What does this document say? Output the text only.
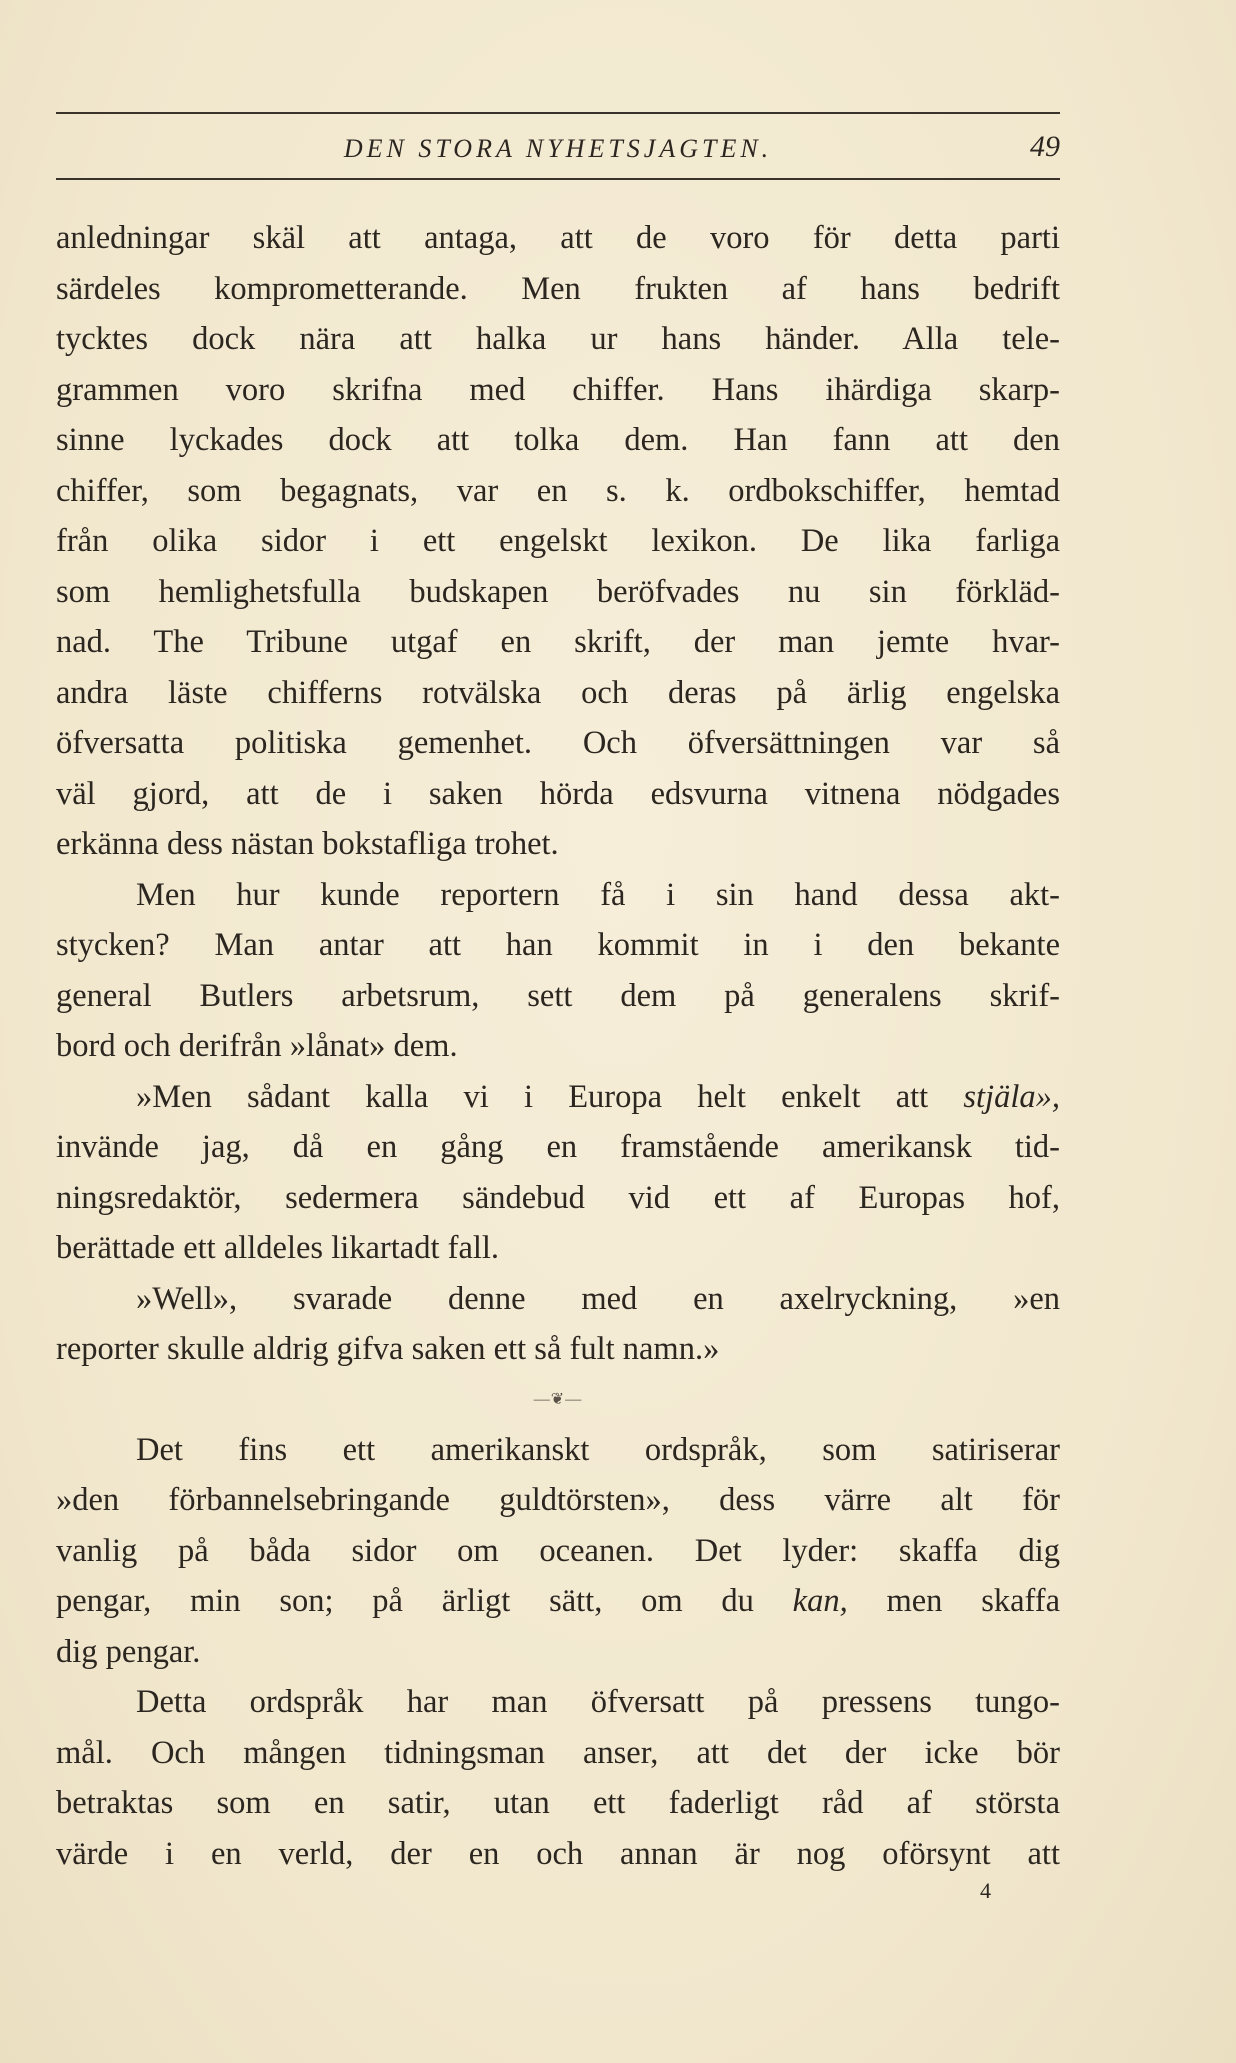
DEN STORA NYHETSJAGTEN.	49
anledningar skäl att antaga, att de voro för detta parti
särdeles komprometterande. Men frukten af hans bedrift
tycktes dock nära att halka ur hans händer. Alla tele-
grammen voro skrifna med chiffer. Hans ihärdiga skarp-
sinne lyckades dock att tolka dem. Han fann att den
chiffer, som begagnats, var en s. k. ordbokschiffer, hemtad
från olika sidor i ett engelskt lexikon. De lika farliga
som hemlighetsfulla budskapen beröfvades nu sin förkläd-
nad. The Tribune utgaf en skrift, der man jemte hvar-
andra läste chifferns rotvälska och deras på ärlig engelska
öfversatta politiska gemenhet. Och öfversättningen var så
väl gjord, att de i saken hörda edsvurna vitnena nödgades
erkänna dess nästan bokstafliga trohet.
Men hur kunde reportern få i sin hand dessa akt-
stycken? Man antar att han kommit in i den bekante
general Butlers arbetsrum, sett dem på generalens skrif-
bord och derifrån »lånat» dem.
»Men sådant kalla vi i Europa helt enkelt att stjäla»,
invände jag, då en gång en framstående amerikansk tid-
ningsredaktör, sedermera sändebud vid ett af Europas hof,
berättade ett alldeles likartadt fall.
»Well», svarade denne med en axelryckning, »en
reporter skulle aldrig gifva saken ett så fult namn.»
—❦—
Det fins ett amerikanskt ordspråk, som satiriserar
»den förbannelsebringande guldtörsten», dess värre alt för
vanlig på båda sidor om oceanen. Det lyder: skaffa dig
pengar, min son; på ärligt sätt, om du kan, men skaffa
dig pengar.
Detta ordspråk har man öfversatt på pressens tungo-
mål. Och mången tidningsman anser, att det der icke bör
betraktas som en satir, utan ett faderligt råd af största
värde i en verld, der en och annan är nog oförsynt att
4
